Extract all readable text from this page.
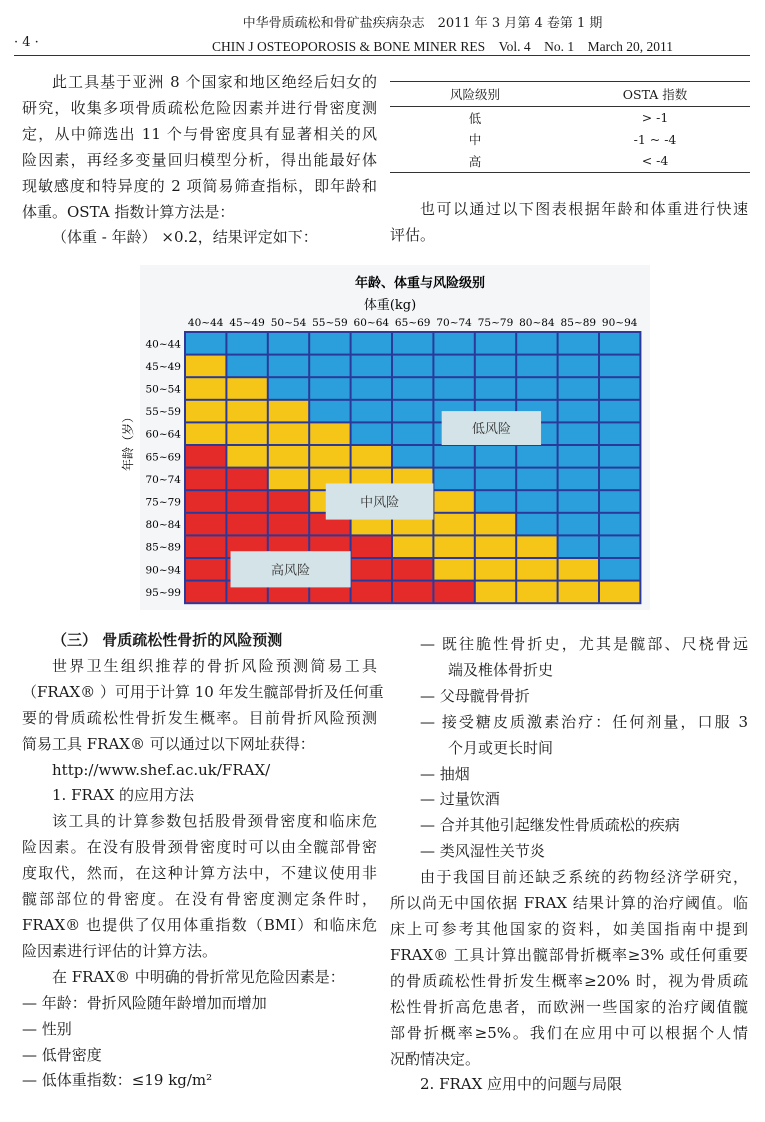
中华骨质疏松和骨矿盐疾病杂志　2011 年 3 月第 4 卷第 1 期
· 4 ·	CHIN J OSTEOPOROSIS & BONE MINER RES　Vol. 4　No. 1　March 20, 2011
此工具基于亚洲 8 个国家和地区绝经后妇女的
研究，收集多项骨质疏松危险因素并进行骨密度测
定，从中筛选出 11 个与骨密度具有显著相关的风
险因素，再经多变量回归模型分析，得出能最好体
现敏感度和特异度的 2 项简易筛查指标，即年龄和
体重。OSTA 指数计算方法是：
（体重 - 年龄） ×0.2，结果评定如下：
风险级别	OSTA 指数
低	> -1
中	-1 ~ -4
高	< -4
也可以通过以下图表根据年龄和体重进行快速
评估。
年龄、体重与风险级别
体重(kg)
40~44 45~49 50~54 55~59 60~64 65~69 70~74 75~79 80~84 85~89 90~94
40~44
45~49
50~54
55~59
60~64
65~69
70~74
75~79
80~84
85~89
90~94
95~99
低风险
中风险
高风险
年龄（岁）
（三） 骨质疏松性骨折的风险预测
世界卫生组织推荐的骨折风险预测简易工具
（FRAX® ）可用于计算 10 年发生髋部骨折及任何重
要的骨质疏松性骨折发生概率。目前骨折风险预测
简易工具 FRAX® 可以通过以下网址获得：
http://www.shef.ac.uk/FRAX/
1. FRAX 的应用方法
该工具的计算参数包括股骨颈骨密度和临床危
险因素。在没有股骨颈骨密度时可以由全髋部骨密
度取代，然而，在这种计算方法中，不建议使用非
髋部部位的骨密度。在没有骨密度测定条件时，
FRAX® 也提供了仅用体重指数（BMI）和临床危
险因素进行评估的计算方法。
在 FRAX® 中明确的骨折常见危险因素是：
— 年龄：骨折风险随年龄增加而增加
— 性别
— 低骨密度
— 低体重指数：≤19 kg/m²
— 既往脆性骨折史，尤其是髋部、尺桡骨远
端及椎体骨折史
— 父母髋骨骨折
— 接受糖皮质激素治疗：任何剂量，口服 3
个月或更长时间
— 抽烟
— 过量饮酒
— 合并其他引起继发性骨质疏松的疾病
— 类风湿性关节炎
由于我国目前还缺乏系统的药物经济学研究，
所以尚无中国依据 FRAX 结果计算的治疗阈值。临
床上可参考其他国家的资料，如美国指南中提到
FRAX® 工具计算出髋部骨折概率≥3% 或任何重要
的骨质疏松性骨折发生概率≥20% 时，视为骨质疏
松性骨折高危患者，而欧洲一些国家的治疗阈值髋
部骨折概率≥5%。我们在应用中可以根据个人情
况酌情决定。
2. FRAX 应用中的问题与局限
